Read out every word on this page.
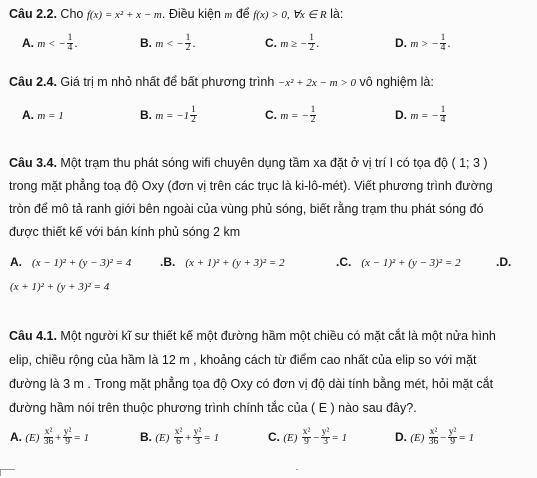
Câu 2.2. Cho f(x) = x² + x − m. Điều kiện m để f(x) > 0, ∀x ∈ R là:
A. m < − $\frac{1}{4}$ .	B. m < − $\frac{1}{2}$ .	C. m ≥ − $\frac{1}{2}$ .	D. m > − $\frac{1}{4}$ .
Câu 2.4. Giá trị m nhỏ nhất để bất phương trình −x² + 2x − m > 0 vô nghiệm là:
A. m = 1	B. $m = -1 \frac{1}{2}$	C. m = − $\frac{1}{2}$	D. m = − $\frac{1}{4}$
Câu 3.4. Một trạm thu phát sóng wifi chuyên dụng tầm xa đặt ở vị trí I có tọa độ ( 1; 3 )
trong mặt phẳng toạ độ Oxy (đơn vị trên các trục là ki-lô-mét). Viết phương trình đường
tròn để mô tả ranh giới bên ngoài của vùng phủ sóng, biết rằng trạm thu phát sóng đó
được thiết kế với bán kính phủ sóng 2 km
A. (x − 1)² + (y − 3)² = 4 .B. (x + 1)² + (y + 3)² = 2	.C. (x − 1)² + (y − 3)² = 2	.D.
(x + 1)² + (y + 3)² = 4
Câu 4.1. Một người kĩ sư thiết kế một đường hầm một chiều có mặt cắt là một nửa hình
elip, chiều rộng của hầm là 12 m , khoảng cách từ điểm cao nhất của elip so với mặt
đường là 3 m . Trong mặt phẳng tọa độ Oxy có đơn vị độ dài tính bằng mét, hỏi mặt cắt
đường hầm nói trên thuộc phương trình chính tắc của ( E ) nào sau đây?.
A. $(E) \frac{\text{x²}}{36} + \frac{\text{y²}}{9} = 1$	B. $(E) \frac{\text{x²}}{6} + \frac{\text{y²}}{3} = 1$	C. $(E) \frac{\text{x²}}{9} - \frac{\text{y²}}{3} = 1$	D. $(E) \frac{\text{x²}}{36} - \frac{\text{y²}}{9} = 1$
